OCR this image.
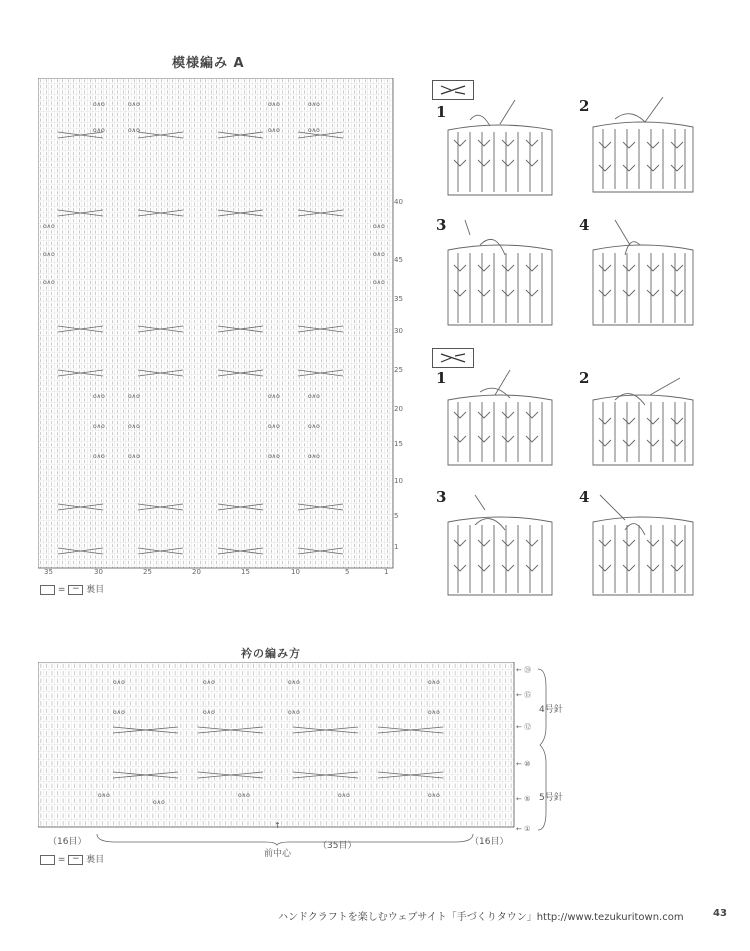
模様編み A
o∧o	o∧o	o∧o	o∧o
o∧o	o∧o	o∧o	o∧o
o∧o	o∧o
o∧o	o∧o
o∧o	o∧o
o∧o	o∧o	o∧o	o∧o
o∧o	o∧o	o∧o	o∧o
o∧o	o∧o	o∧o	o∧o
40
45
35
30
25
20
15
10
5
1
35	30	25	20	15	10	5	1
= − 裏目
1	2
3	4
1	2
3	4
衿の編み方
o∧o	o∧o	o∧o	o∧o
o∧o	o∧o	o∧o	o∧o
o∧o
o∧o
o∧o	o∧o	o∧o
← ⑳
← ⑮
← ⑫
← ⑩
← ⑤
← ①
4号針
5号針
（16目）	（35目）	（16目）
↑
前中心
= − 裏目
ハンドクラフトを楽しむウェブサイト「手づくりタウン」http://www.tezukuritown.com	43
